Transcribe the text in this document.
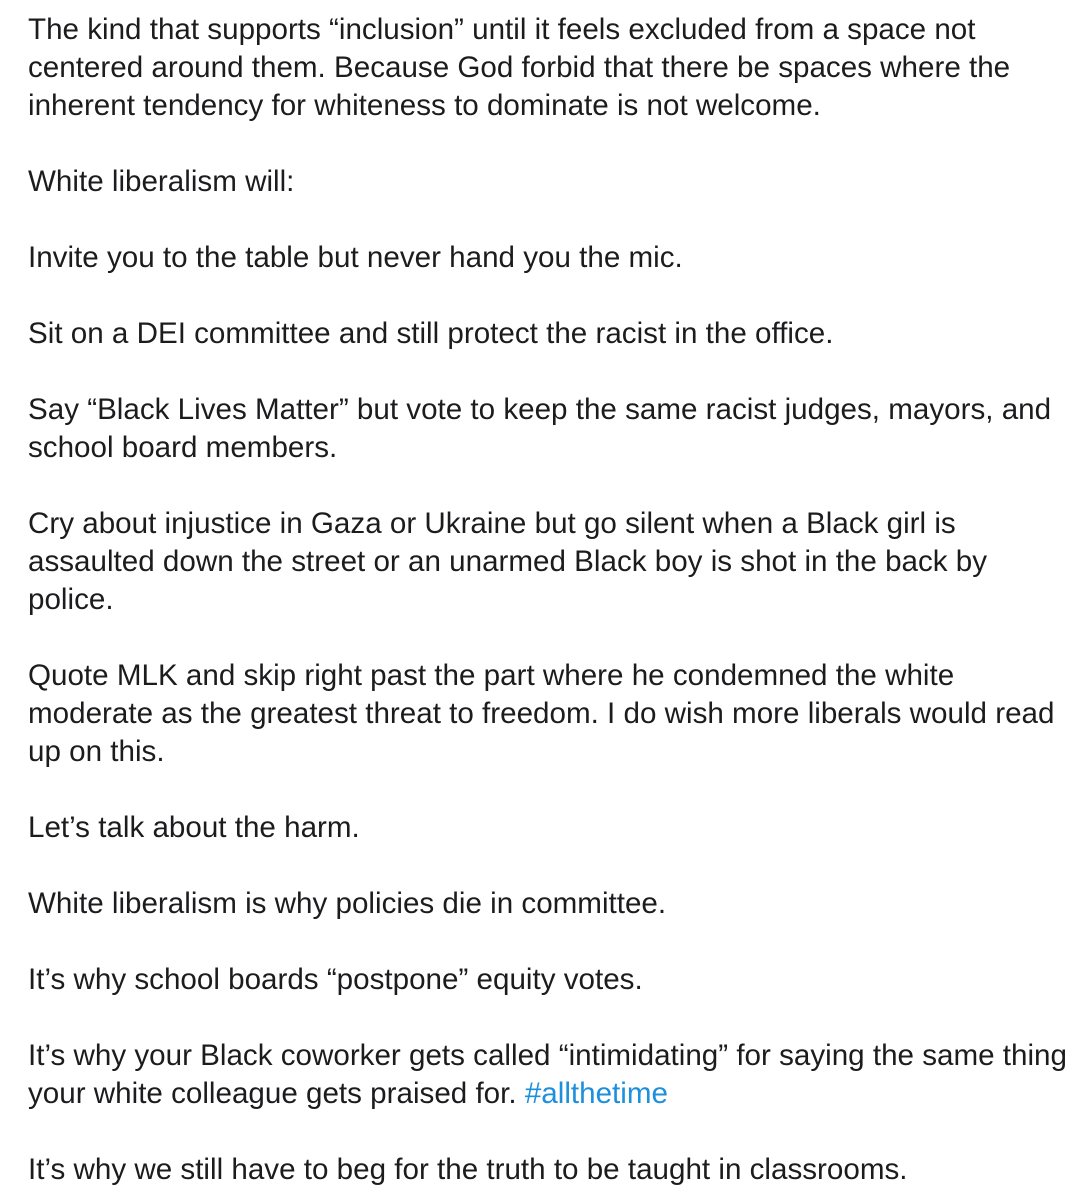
The kind that supports “inclusion” until it feels excluded from a space not centered around them. Because God forbid that there be spaces where the inherent tendency for whiteness to dominate is not welcome.

White liberalism will:

Invite you to the table but never hand you the mic.

Sit on a DEI committee and still protect the racist in the office.

Say “Black Lives Matter” but vote to keep the same racist judges, mayors, and school board members.

Cry about injustice in Gaza or Ukraine but go silent when a Black girl is assaulted down the street or an unarmed Black boy is shot in the back by police.

Quote MLK and skip right past the part where he condemned the white moderate as the greatest threat to freedom. I do wish more liberals would read up on this.

Let’s talk about the harm.

White liberalism is why policies die in committee.

It’s why school boards “postpone” equity votes.

It’s why your Black coworker gets called “intimidating” for saying the same thing your white colleague gets praised for. #allthetime

It’s why we still have to beg for the truth to be taught in classrooms.
